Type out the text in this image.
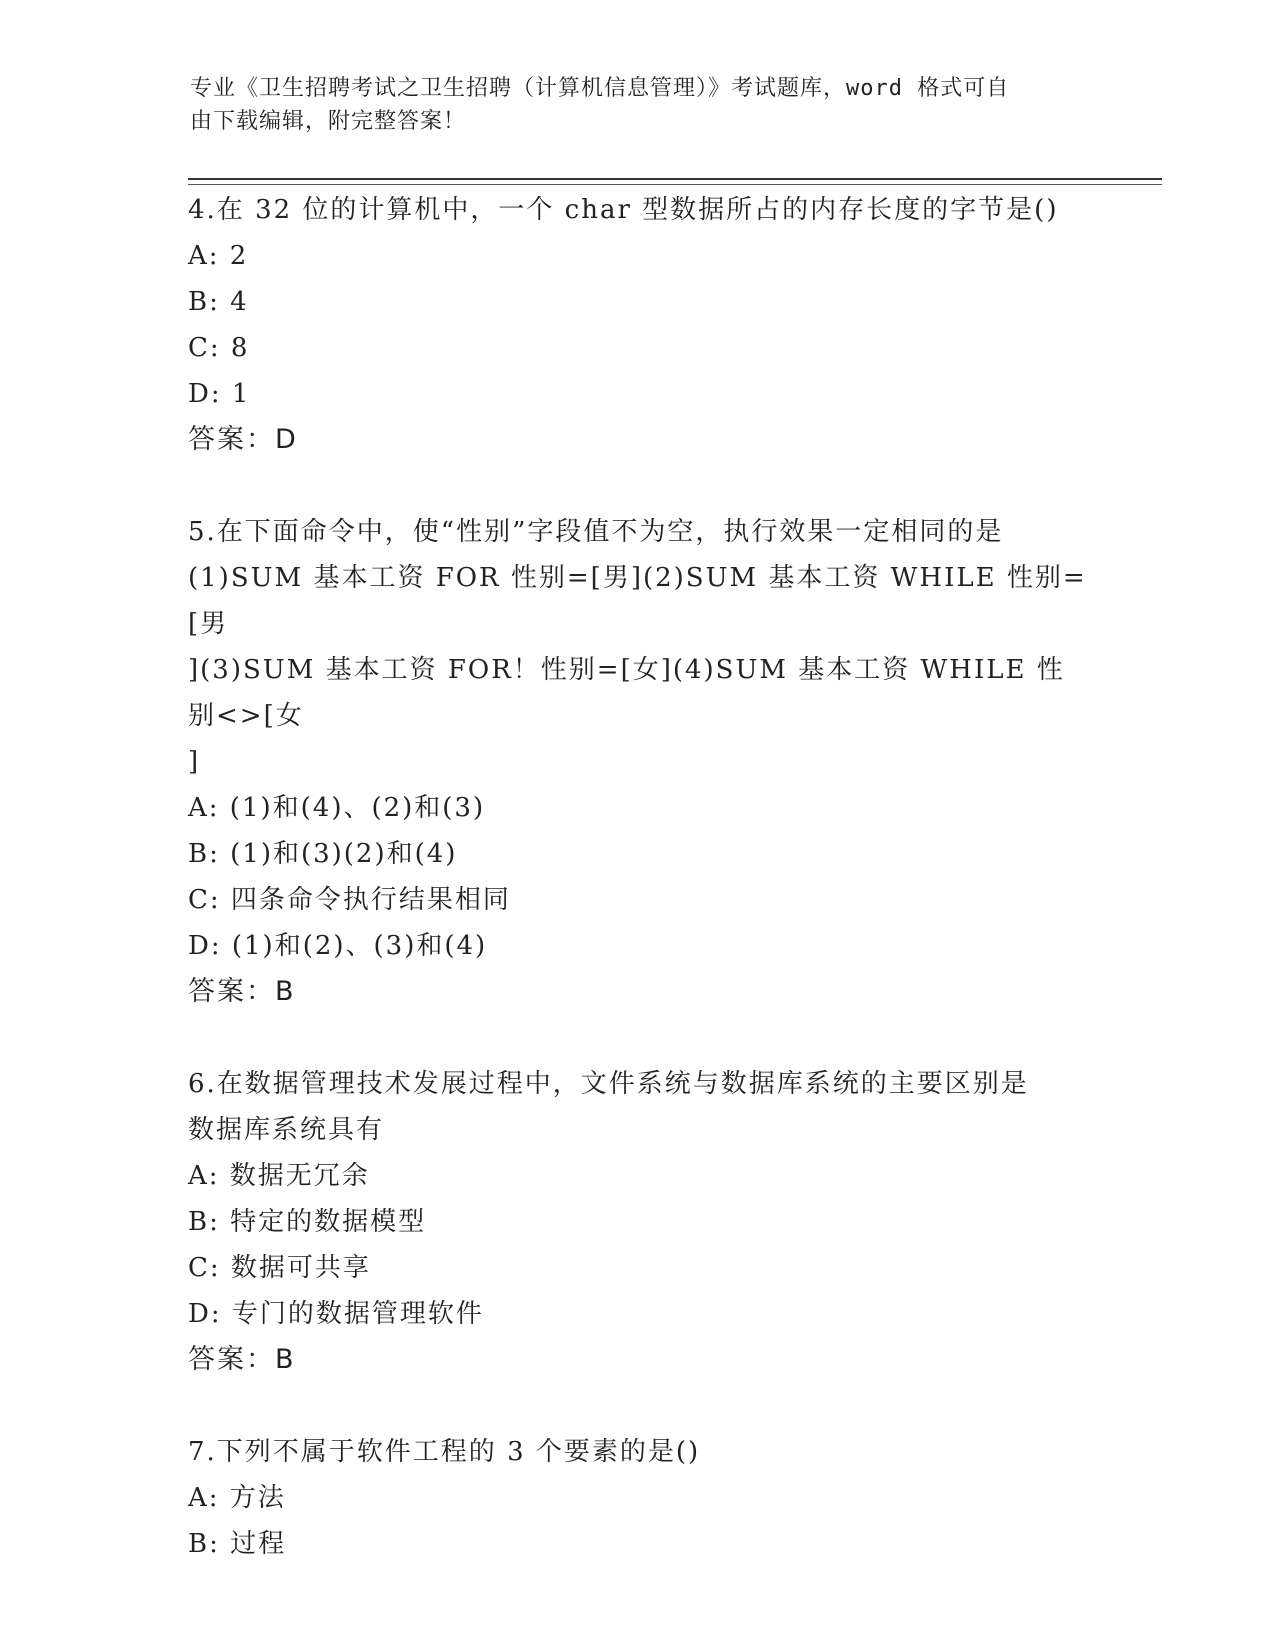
专业《卫生招聘考试之卫生招聘（计算机信息管理）》考试题库，word 格式可自
由下载编辑，附完整答案！
4.在 32 位的计算机中，一个 char 型数据所占的内存长度的字节是()
A: 2
B: 4
C: 8
D: 1
答案：D
5.在下面命令中，使“性别”字段值不为空，执行效果一定相同的是
(1)SUM 基本工资 FOR 性别=[男](2)SUM 基本工资 WHILE 性别=[男
](3)SUM 基本工资 FOR！性别=[女](4)SUM 基本工资 WHILE 性别<>[女
]
A: (1)和(4)、(2)和(3)
B: (1)和(3)(2)和(4)
C: 四条命令执行结果相同
D: (1)和(2)、(3)和(4)
答案：B
6.在数据管理技术发展过程中，文件系统与数据库系统的主要区别是
数据库系统具有
A: 数据无冗余
B: 特定的数据模型
C: 数据可共享
D: 专门的数据管理软件
答案：B
7.下列不属于软件工程的 3 个要素的是()
A: 方法
B: 过程
